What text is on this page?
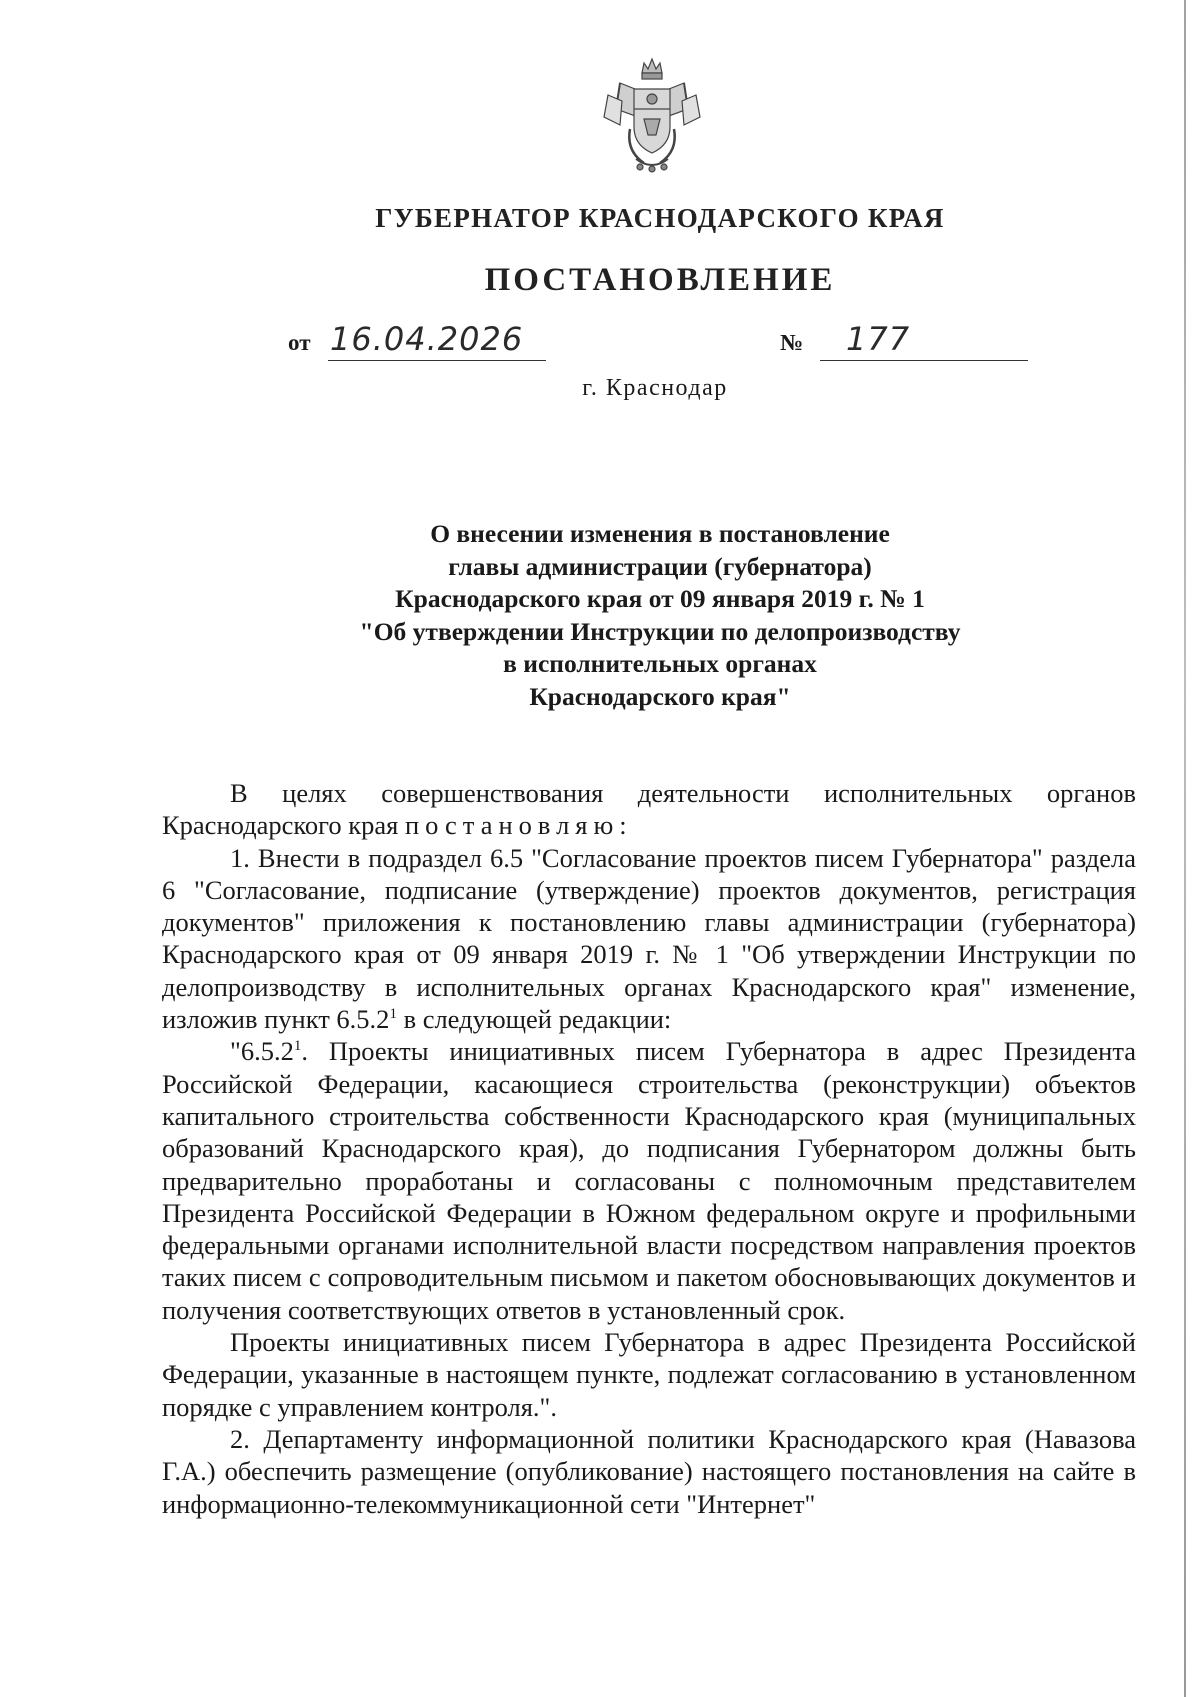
ГУБЕРНАТОР КРАСНОДАРСКОГО КРАЯ
ПОСТАНОВЛЕНИЕ
от 16.04.2026	№ 177
г. Краснодар
О внесении изменения в постановление
главы администрации (губернатора)
Краснодарского края от 09 января 2019 г. № 1
"Об утверждении Инструкции по делопроизводству
в исполнительных органах
Краснодарского края"

В целях совершенствования деятельности исполнительных органов Краснодарского края постановляю:

1. Внести в подраздел 6.5 "Согласование проектов писем Губернатора" раздела 6 "Согласование, подписание (утверждение) проектов документов, регистрация документов" приложения к постановлению главы администрации (губернатора) Краснодарского края от 09 января 2019 г. № 1 "Об утверждении Инструкции по делопроизводству в исполнительных органах Краснодарского края" изменение, изложив пункт 6.5.2$^1$ в следующей редакции:

"6.5.2$^1$. Проекты инициативных писем Губернатора в адрес Президента Российской Федерации, касающиеся строительства (реконструкции) объектов капитального строительства собственности Краснодарского края (муниципальных образований Краснодарского края), до подписания Губернатором должны быть предварительно проработаны и согласованы с полномочным представителем Президента Российской Федерации в Южном федеральном округе и профильными федеральными органами исполнительной власти посредством направления проектов таких писем с сопроводительным письмом и пакетом обосновывающих документов и получения соответствующих ответов в установленный срок.

Проекты инициативных писем Губернатора в адрес Президента Российской Федерации, указанные в настоящем пункте, подлежат согласованию в установленном порядке с управлением контроля.".

2. Департаменту информационной политики Краснодарского края (Навазова Г.А.) обеспечить размещение (опубликование) настоящего постановления на сайте в информационно-телекоммуникационной сети "Интернет"
